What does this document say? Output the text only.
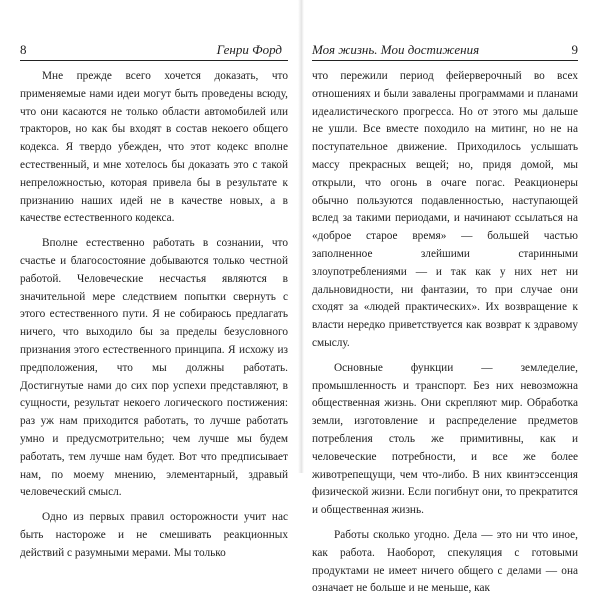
8	Генри Форд

Мне прежде всего хочется доказать, что применяемые нами идеи могут быть проведены всюду, что они касаются не только области автомобилей или тракторов, но как бы входят в состав некоего общего кодекса. Я твердо убежден, что этот кодекс вполне естественный, и мне хотелось бы доказать это с такой непреложностью, которая привела бы в результате к признанию наших идей не в качестве новых, а в качестве естественного кодекса.

Вполне естественно работать в сознании, что счастье и благосостояние добываются только честной работой. Человеческие несчастья являются в значительной мере следствием попытки свернуть с этого естественного пути. Я не собираюсь предлагать ничего, что выходило бы за пределы безусловного признания этого естественного принципа. Я исхожу из предположения, что мы должны работать. Достигнутые нами до сих пор успехи представляют, в сущности, результат некоего логического постижения: раз уж нам приходится работать, то лучше работать умно и предусмотрительно; чем лучше мы будем работать, тем лучше нам будет. Вот что предписывает нам, по моему мнению, элементарный, здравый человеческий смысл.

Одно из первых правил осторожности учит нас быть настороже и не смешивать реакционных действий с разумными мерами. Мы только

Моя жизнь. Мои достижения	9

что пережили период фейерверочный во всех отношениях и были завалены программами и планами идеалистического прогресса. Но от этого мы дальше не ушли. Все вместе походило на митинг, но не на поступательное движение. Приходилось услышать массу прекрасных вещей; но, придя домой, мы открыли, что огонь в очаге погас. Реакционеры обычно пользуются подавленностью, наступающей вслед за такими периодами, и начинают ссылаться на «доброе старое время» — большей частью заполненное злейшими старинными злоупотреблениями — и так как у них нет ни дальновидности, ни фантазии, то при случае они сходят за «людей практических». Их возвращение к власти нередко приветствуется как возврат к здравому смыслу.

Основные функции — земледелие, промышленность и транспорт. Без них невозможна общественная жизнь. Они скрепляют мир. Обработка земли, изготовление и распределение предметов потребления столь же примитивны, как и человеческие потребности, и все же более животрепещущи, чем что-либо. В них квинтэссенция физической жизни. Если погибнут они, то прекратится и общественная жизнь.

Работы сколько угодно. Дела — это ни что иное, как работа. Наоборот, спекуляция с готовыми продуктами не имеет ничего общего с делами — она означает не больше и не меньше, как
